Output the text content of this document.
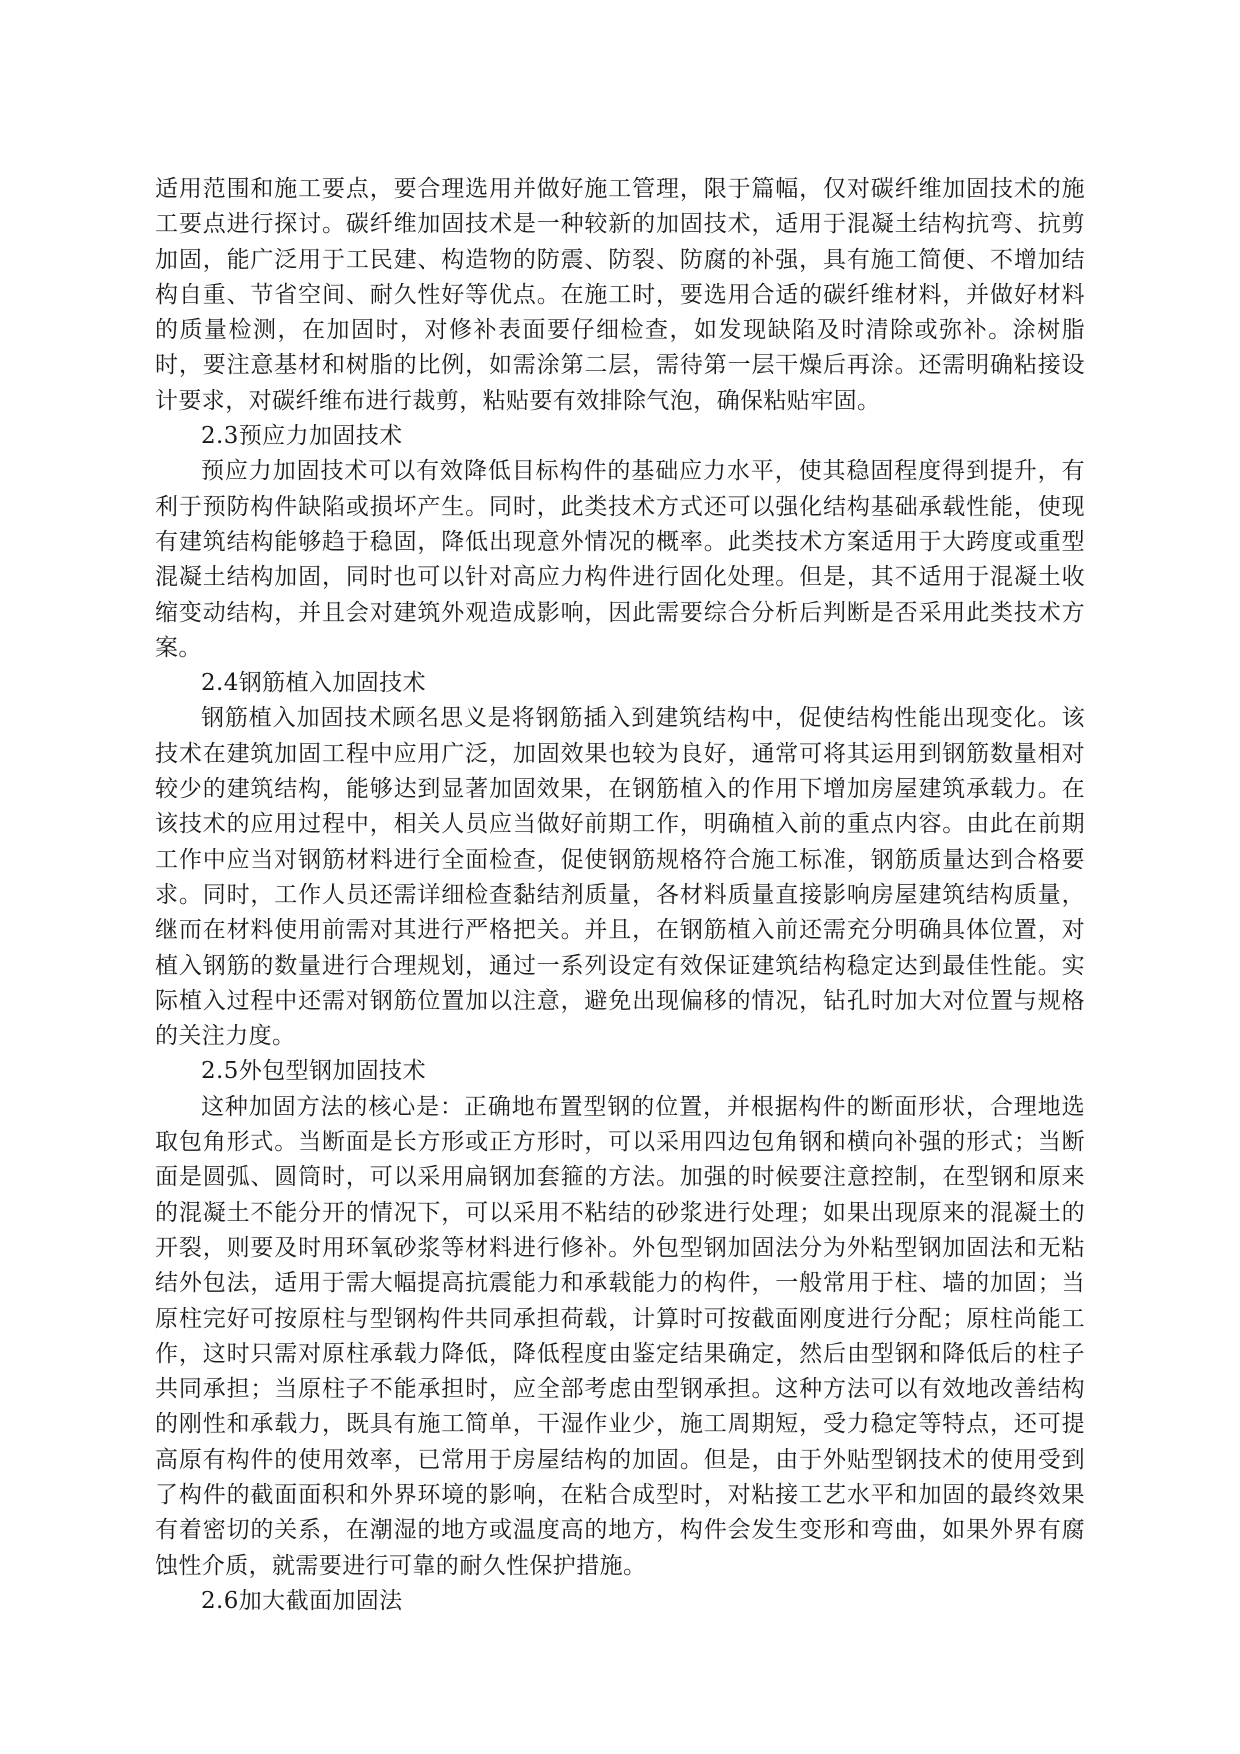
适用范围和施工要点，要合理选用并做好施工管理，限于篇幅，仅对碳纤维加固技术的施工要点进行探讨。碳纤维加固技术是一种较新的加固技术，适用于混凝土结构抗弯、抗剪加固，能广泛用于工民建、构造物的防震、防裂、防腐的补强，具有施工简便、不增加结构自重、节省空间、耐久性好等优点。在施工时，要选用合适的碳纤维材料，并做好材料的质量检测，在加固时，对修补表面要仔细检查，如发现缺陷及时清除或弥补。涂树脂时，要注意基材和树脂的比例，如需涂第二层，需待第一层干燥后再涂。还需明确粘接设计要求，对碳纤维布进行裁剪，粘贴要有效排除气泡，确保粘贴牢固。

2.3预应力加固技术

预应力加固技术可以有效降低目标构件的基础应力水平，使其稳固程度得到提升，有利于预防构件缺陷或损坏产生。同时，此类技术方式还可以强化结构基础承载性能，使现有建筑结构能够趋于稳固，降低出现意外情况的概率。此类技术方案适用于大跨度或重型混凝土结构加固，同时也可以针对高应力构件进行固化处理。但是，其不适用于混凝土收缩变动结构，并且会对建筑外观造成影响，因此需要综合分析后判断是否采用此类技术方案。

2.4钢筋植入加固技术

钢筋植入加固技术顾名思义是将钢筋插入到建筑结构中，促使结构性能出现变化。该技术在建筑加固工程中应用广泛，加固效果也较为良好，通常可将其运用到钢筋数量相对较少的建筑结构，能够达到显著加固效果，在钢筋植入的作用下增加房屋建筑承载力。在该技术的应用过程中，相关人员应当做好前期工作，明确植入前的重点内容。由此在前期工作中应当对钢筋材料进行全面检查，促使钢筋规格符合施工标准，钢筋质量达到合格要求。同时，工作人员还需详细检查黏结剂质量，各材料质量直接影响房屋建筑结构质量，继而在材料使用前需对其进行严格把关。并且，在钢筋植入前还需充分明确具体位置，对植入钢筋的数量进行合理规划，通过一系列设定有效保证建筑结构稳定达到最佳性能。实际植入过程中还需对钢筋位置加以注意，避免出现偏移的情况，钻孔时加大对位置与规格的关注力度。

2.5外包型钢加固技术

这种加固方法的核心是：正确地布置型钢的位置，并根据构件的断面形状，合理地选取包角形式。当断面是长方形或正方形时，可以采用四边包角钢和横向补强的形式；当断面是圆弧、圆筒时，可以采用扁钢加套箍的方法。加强的时候要注意控制，在型钢和原来的混凝土不能分开的情况下，可以采用不粘结的砂浆进行处理；如果出现原来的混凝土的开裂，则要及时用环氧砂浆等材料进行修补。外包型钢加固法分为外粘型钢加固法和无粘结外包法，适用于需大幅提高抗震能力和承载能力的构件，一般常用于柱、墙的加固；当原柱完好可按原柱与型钢构件共同承担荷载，计算时可按截面刚度进行分配；原柱尚能工作，这时只需对原柱承载力降低，降低程度由鉴定结果确定，然后由型钢和降低后的柱子共同承担；当原柱子不能承担时，应全部考虑由型钢承担。这种方法可以有效地改善结构的刚性和承载力，既具有施工简单，干湿作业少，施工周期短，受力稳定等特点，还可提高原有构件的使用效率，已常用于房屋结构的加固。但是，由于外贴型钢技术的使用受到了构件的截面面积和外界环境的影响，在粘合成型时，对粘接工艺水平和加固的最终效果有着密切的关系，在潮湿的地方或温度高的地方，构件会发生变形和弯曲，如果外界有腐蚀性介质，就需要进行可靠的耐久性保护措施。

2.6加大截面加固法
